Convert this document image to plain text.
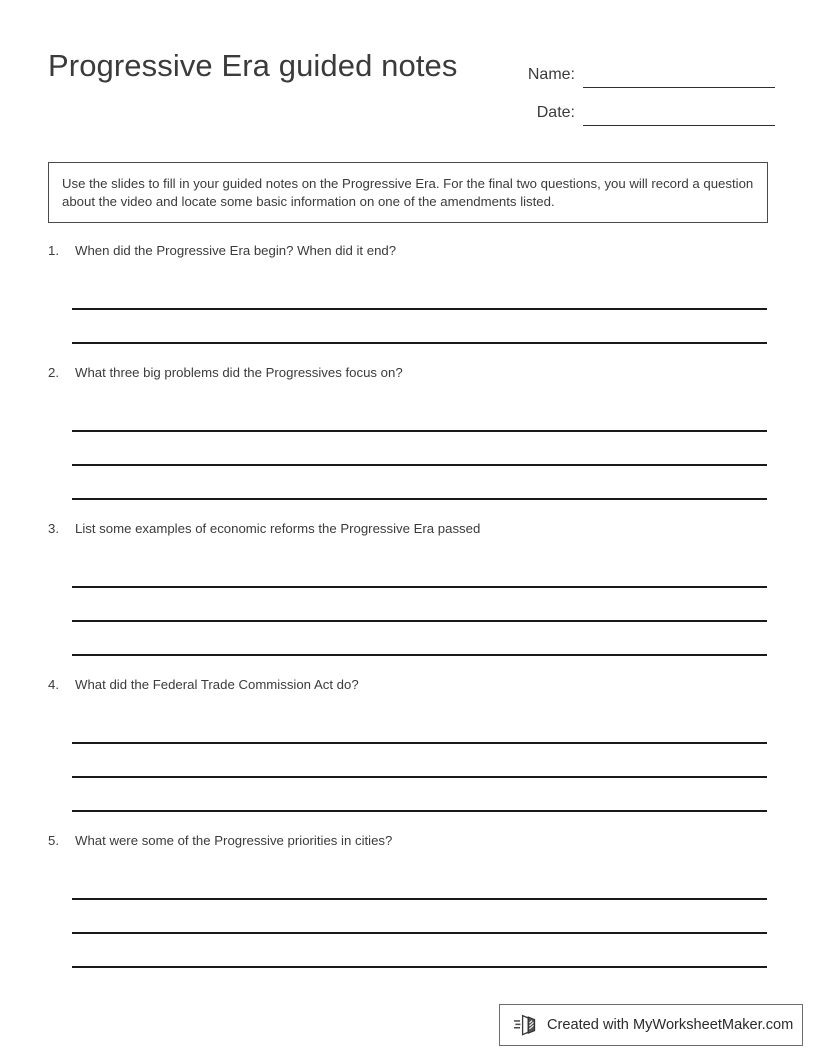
Progressive Era guided notes	Name:
Date:

Use the slides to fill in your guided notes on the Progressive Era. For the final two questions, you will record a question about the video and locate some basic information on one of the amendments listed.

1.	When did the Progressive Era begin? When did it end?
2.	What three big problems did the Progressives focus on?
3.	List some examples of economic reforms the Progressive Era passed
4.	What did the Federal Trade Commission Act do?
5.	What were some of the Progressive priorities in cities?
Created with MyWorksheetMaker.com
